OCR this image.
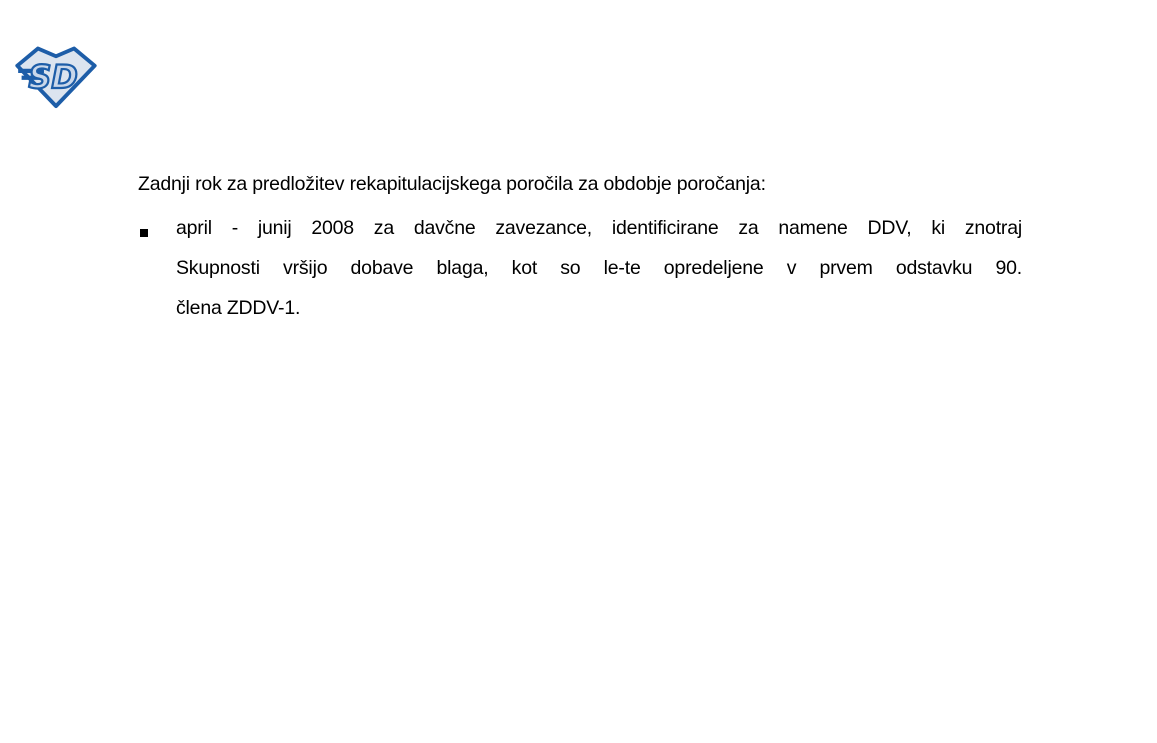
SD
Zadnji rok za predložitev rekapitulacijskega poročila za obdobje poročanja:
april - junij 2008 za davčne zavezance, identificirane za namene DDV, ki znotraj
Skupnosti vršijo dobave blaga, kot so le-te opredeljene v prvem odstavku 90.
člena ZDDV-1.
